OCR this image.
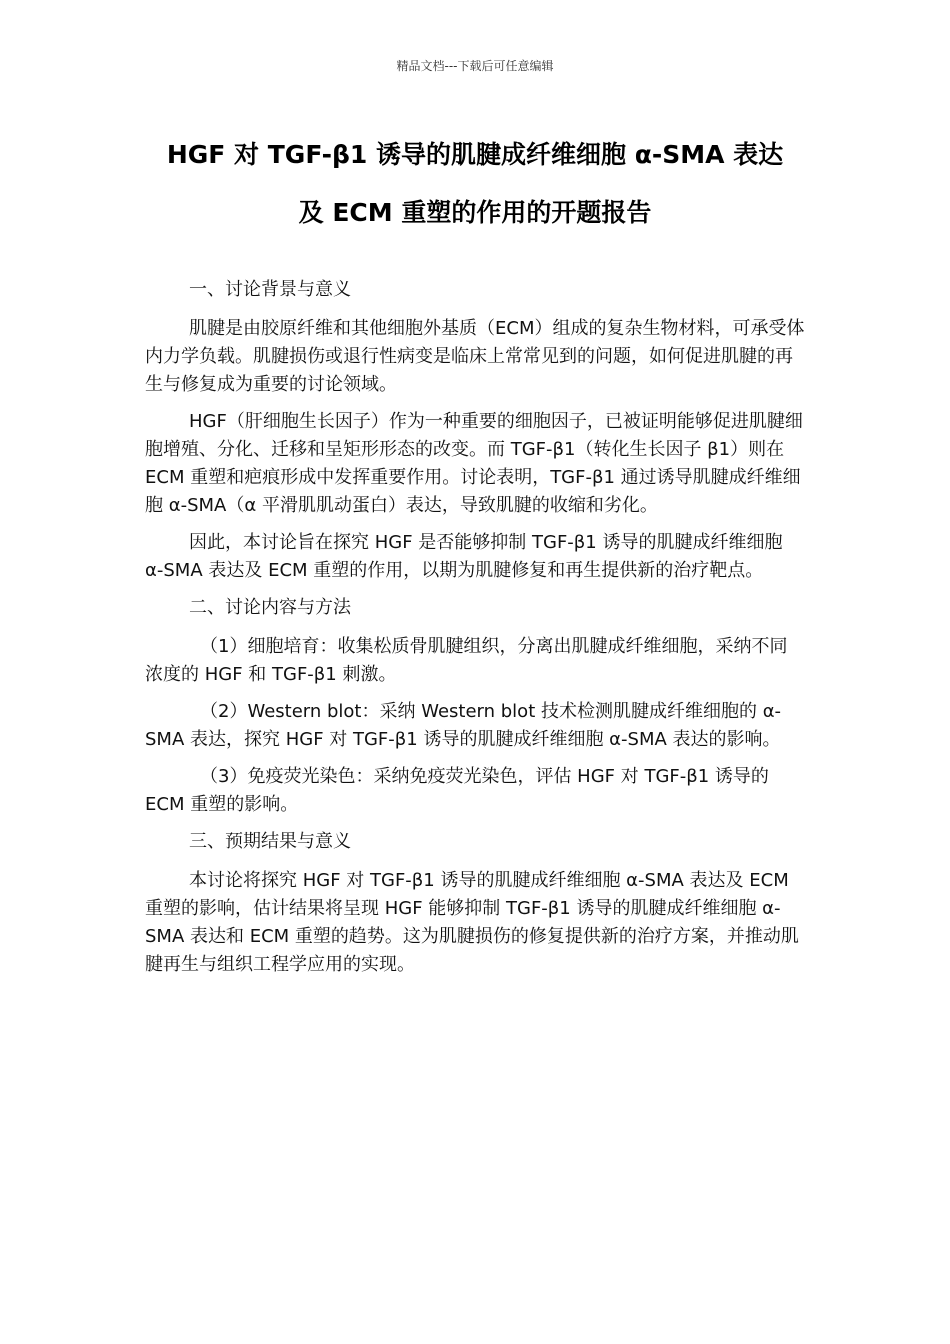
精品文档---下载后可任意编辑
HGF 对 TGF-β1 诱导的肌腱成纤维细胞 α-SMA 表达
及 ECM 重塑的作用的开题报告

一、讨论背景与意义

肌腱是由胶原纤维和其他细胞外基质（ECM）组成的复杂生物材料，可承受体内力学负载。肌腱损伤或退行性病变是临床上常常见到的问题，如何促进肌腱的再生与修复成为重要的讨论领域。

HGF（肝细胞生长因子）作为一种重要的细胞因子，已被证明能够促进肌腱细胞增殖、分化、迁移和呈矩形形态的改变。而 TGF-β1（转化生长因子 β1）则在 ECM 重塑和疤痕形成中发挥重要作用。讨论表明，TGF-β1 通过诱导肌腱成纤维细胞 α-SMA（α 平滑肌肌动蛋白）表达，导致肌腱的收缩和劣化。

因此，本讨论旨在探究 HGF 是否能够抑制 TGF-β1 诱导的肌腱成纤维细胞 α-SMA 表达及 ECM 重塑的作用，以期为肌腱修复和再生提供新的治疗靶点。

二、讨论内容与方法

（1）细胞培育：收集松质骨肌腱组织，分离出肌腱成纤维细胞，采纳不同浓度的 HGF 和 TGF-β1 刺激。

（2）Western blot：采纳 Western blot 技术检测肌腱成纤维细胞的 α-SMA 表达，探究 HGF 对 TGF-β1 诱导的肌腱成纤维细胞 α-SMA 表达的影响。

（3）免疫荧光染色：采纳免疫荧光染色，评估 HGF 对 TGF-β1 诱导的 ECM 重塑的影响。

三、预期结果与意义

本讨论将探究 HGF 对 TGF-β1 诱导的肌腱成纤维细胞 α-SMA 表达及 ECM 重塑的影响，估计结果将呈现 HGF 能够抑制 TGF-β1 诱导的肌腱成纤维细胞 α-SMA 表达和 ECM 重塑的趋势。这为肌腱损伤的修复提供新的治疗方案，并推动肌腱再生与组织工程学应用的实现。
